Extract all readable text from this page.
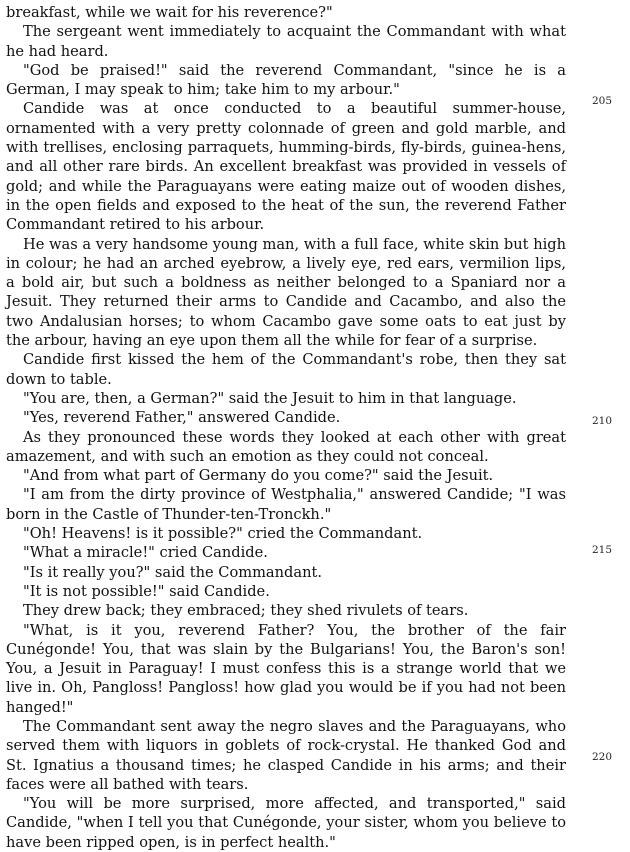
breakfast, while we wait for his reverence?"

The sergeant went immediately to acquaint the Commandant with what he had heard.

"God be praised!" said the reverend Commandant, "since he is a German, I may speak to him; take him to my arbour."

Candide was at once conducted to a beautiful summer-house, ornamented with a very pretty colonnade of green and gold marble, and with trellises, enclosing parraquets, humming-birds, fly-birds, guinea-hens, and all other rare birds. An excellent breakfast was provided in vessels of gold; and while the Paraguayans were eating maize out of wooden dishes, in the open fields and exposed to the heat of the sun, the reverend Father Commandant retired to his arbour.

He was a very handsome young man, with a full face, white skin but high in colour; he had an arched eyebrow, a lively eye, red ears, vermilion lips, a bold air, but such a boldness as neither belonged to a Spaniard nor a Jesuit. They returned their arms to Candide and Cacambo, and also the two Andalusian horses; to whom Cacambo gave some oats to eat just by the arbour, having an eye upon them all the while for fear of a surprise.

Candide first kissed the hem of the Commandant's robe, then they sat down to table.

"You are, then, a German?" said the Jesuit to him in that language.

"Yes, reverend Father," answered Candide.

As they pronounced these words they looked at each other with great amazement, and with such an emotion as they could not conceal.

"And from what part of Germany do you come?" said the Jesuit.

"I am from the dirty province of Westphalia," answered Candide; "I was born in the Castle of Thunder-ten-Tronckh."

"Oh! Heavens! is it possible?" cried the Commandant.

"What a miracle!" cried Candide.

"Is it really you?" said the Commandant.

"It is not possible!" said Candide.

They drew back; they embraced; they shed rivulets of tears.

"What, is it you, reverend Father? You, the brother of the fair Cunégonde! You, that was slain by the Bulgarians! You, the Baron's son! You, a Jesuit in Paraguay! I must confess this is a strange world that we live in. Oh, Pangloss! Pangloss! how glad you would be if you had not been hanged!"

The Commandant sent away the negro slaves and the Paraguayans, who served them with liquors in goblets of rock-crystal. He thanked God and St. Ignatius a thousand times; he clasped Candide in his arms; and their faces were all bathed with tears.

"You will be more surprised, more affected, and transported," said Candide, "when I tell you that Cunégonde, your sister, whom you believe to have been ripped open, is in perfect health."

205
210
215
220
